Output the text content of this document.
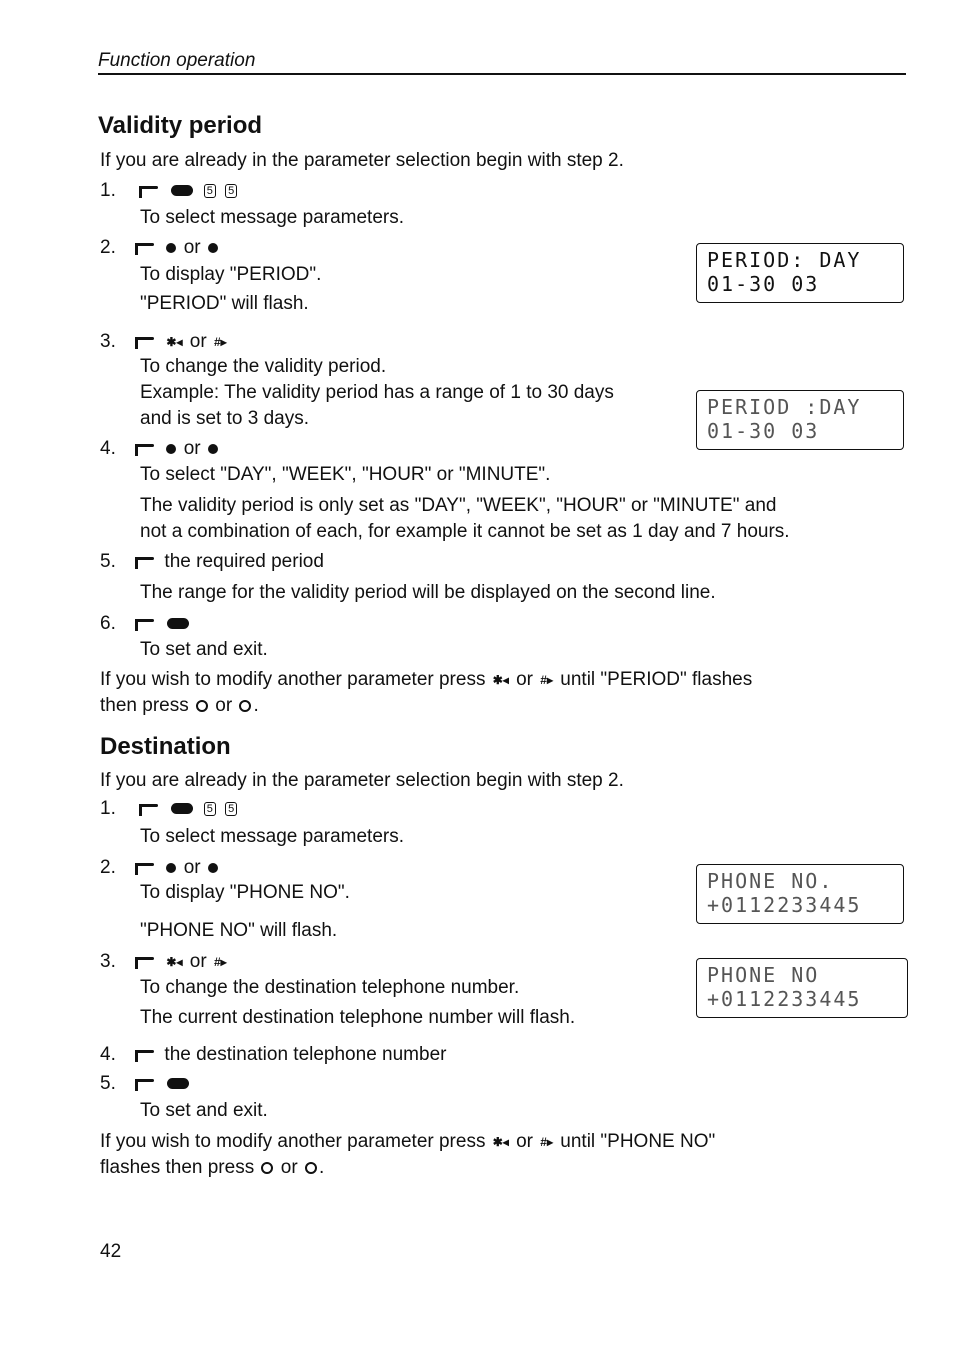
Function operation
Validity period
If you are already in the parameter selection begin with step 2.
1.	5 5
To select message parameters.
2.	or
To display "PERIOD".
"PERIOD" will flash.
PERIOD: DAY
01-30 03
3.	✱◂ or #▸
To change the validity period.
Example: The validity period has a range of 1 to 30 days
and is set to 3 days.	PERIOD :DAY
01-30 03
4.	or
To select "DAY", "WEEK", "HOUR" or "MINUTE".
The validity period is only set as "DAY", "WEEK", "HOUR" or "MINUTE" and
not a combination of each, for example it cannot be set as 1 day and 7 hours.
5.	the required period
The range for the validity period will be displayed on the second line.
6.
To set and exit.
If you wish to modify another parameter press ✱◂ or #▸ until "PERIOD" flashes
then press or .
Destination
If you are already in the parameter selection begin with step 2.
1.	5 5
To select message parameters.
2.	or
To display "PHONE NO".
"PHONE NO" will flash.
PHONE NO.
+0112233445
3.	✱◂ or #▸
To change the destination telephone number.
The current destination telephone number will flash.
PHONE NO
+0112233445
4.	the destination telephone number
5.
To set and exit.
If you wish to modify another parameter press ✱◂ or #▸ until "PHONE NO"
flashes then press or .
42
